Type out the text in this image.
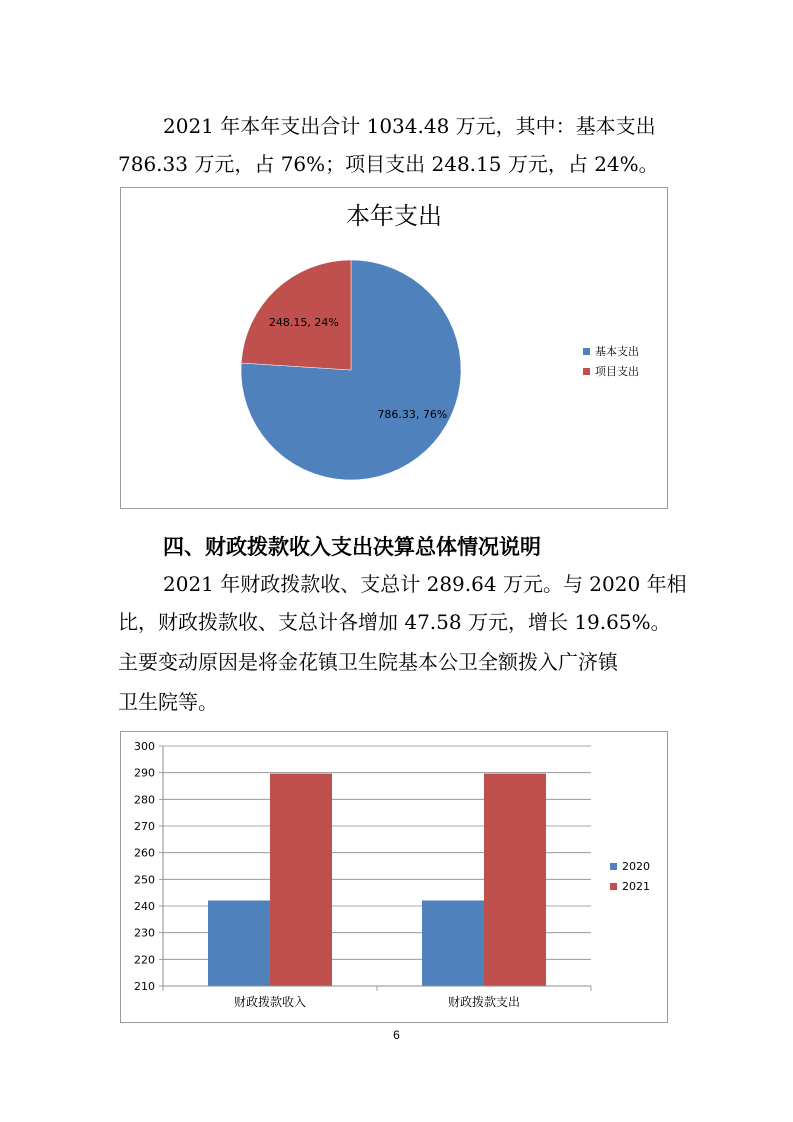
2021 年本年支出合计 1034.48 万元，其中：基本支出
786.33 万元，占 76%；项目支出 248.15 万元，占 24%。
本年支出
786.33, 76%
248.15, 24%
基本支出
项目支出
四、财政拨款收入支出决算总体情况说明
2021 年财政拨款收、支总计 289.64 万元。与 2020 年相
比，财政拨款收、支总计各增加 47.58 万元，增长 19.65%。
主要变动原因是将金花镇卫生院基本公卫全额拨入广济镇
卫生院等。
210
220
230
240
250
260
270
280
290
300
财政拨款收入	财政拨款支出
2020
2021
6
